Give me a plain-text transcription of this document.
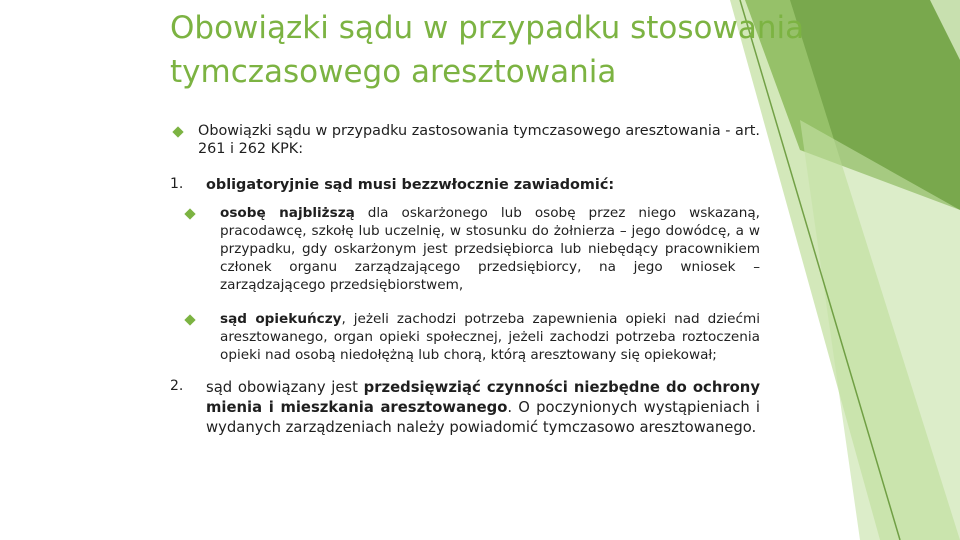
Obowiązki sądu w przypadku stosowania tymczasowego aresztowania
Obowiązki sądu w przypadku zastosowania tymczasowego aresztowania - art. 261 i 262 KPK:
1. obligatoryjnie sąd musi bezzwłocznie zawiadomić:
osobę najbliższą dla oskarżonego lub osobę przez niego wskazaną, pracodawcę, szkołę lub uczelnię, w stosunku do żołnierza – jego dowódcę, a w przypadku, gdy oskarżonym jest przedsiębiorca lub niebędący pracownikiem członek organu zarządzającego przedsiębiorcy, na jego wniosek – zarządzającego przedsiębiorstwem,
sąd opiekuńczy, jeżeli zachodzi potrzeba zapewnienia opieki nad dziećmi aresztowanego, organ opieki społecznej, jeżeli zachodzi potrzeba roztoczenia opieki nad osobą niedołężną lub chorą, którą aresztowany się opiekował;
2. sąd obowiązany jest przedsięwziąć czynności niezbędne do ochrony mienia i mieszkania aresztowanego. O poczynionych wystąpieniach i wydanych zarządzeniach należy powiadomić tymczasowo aresztowanego.
